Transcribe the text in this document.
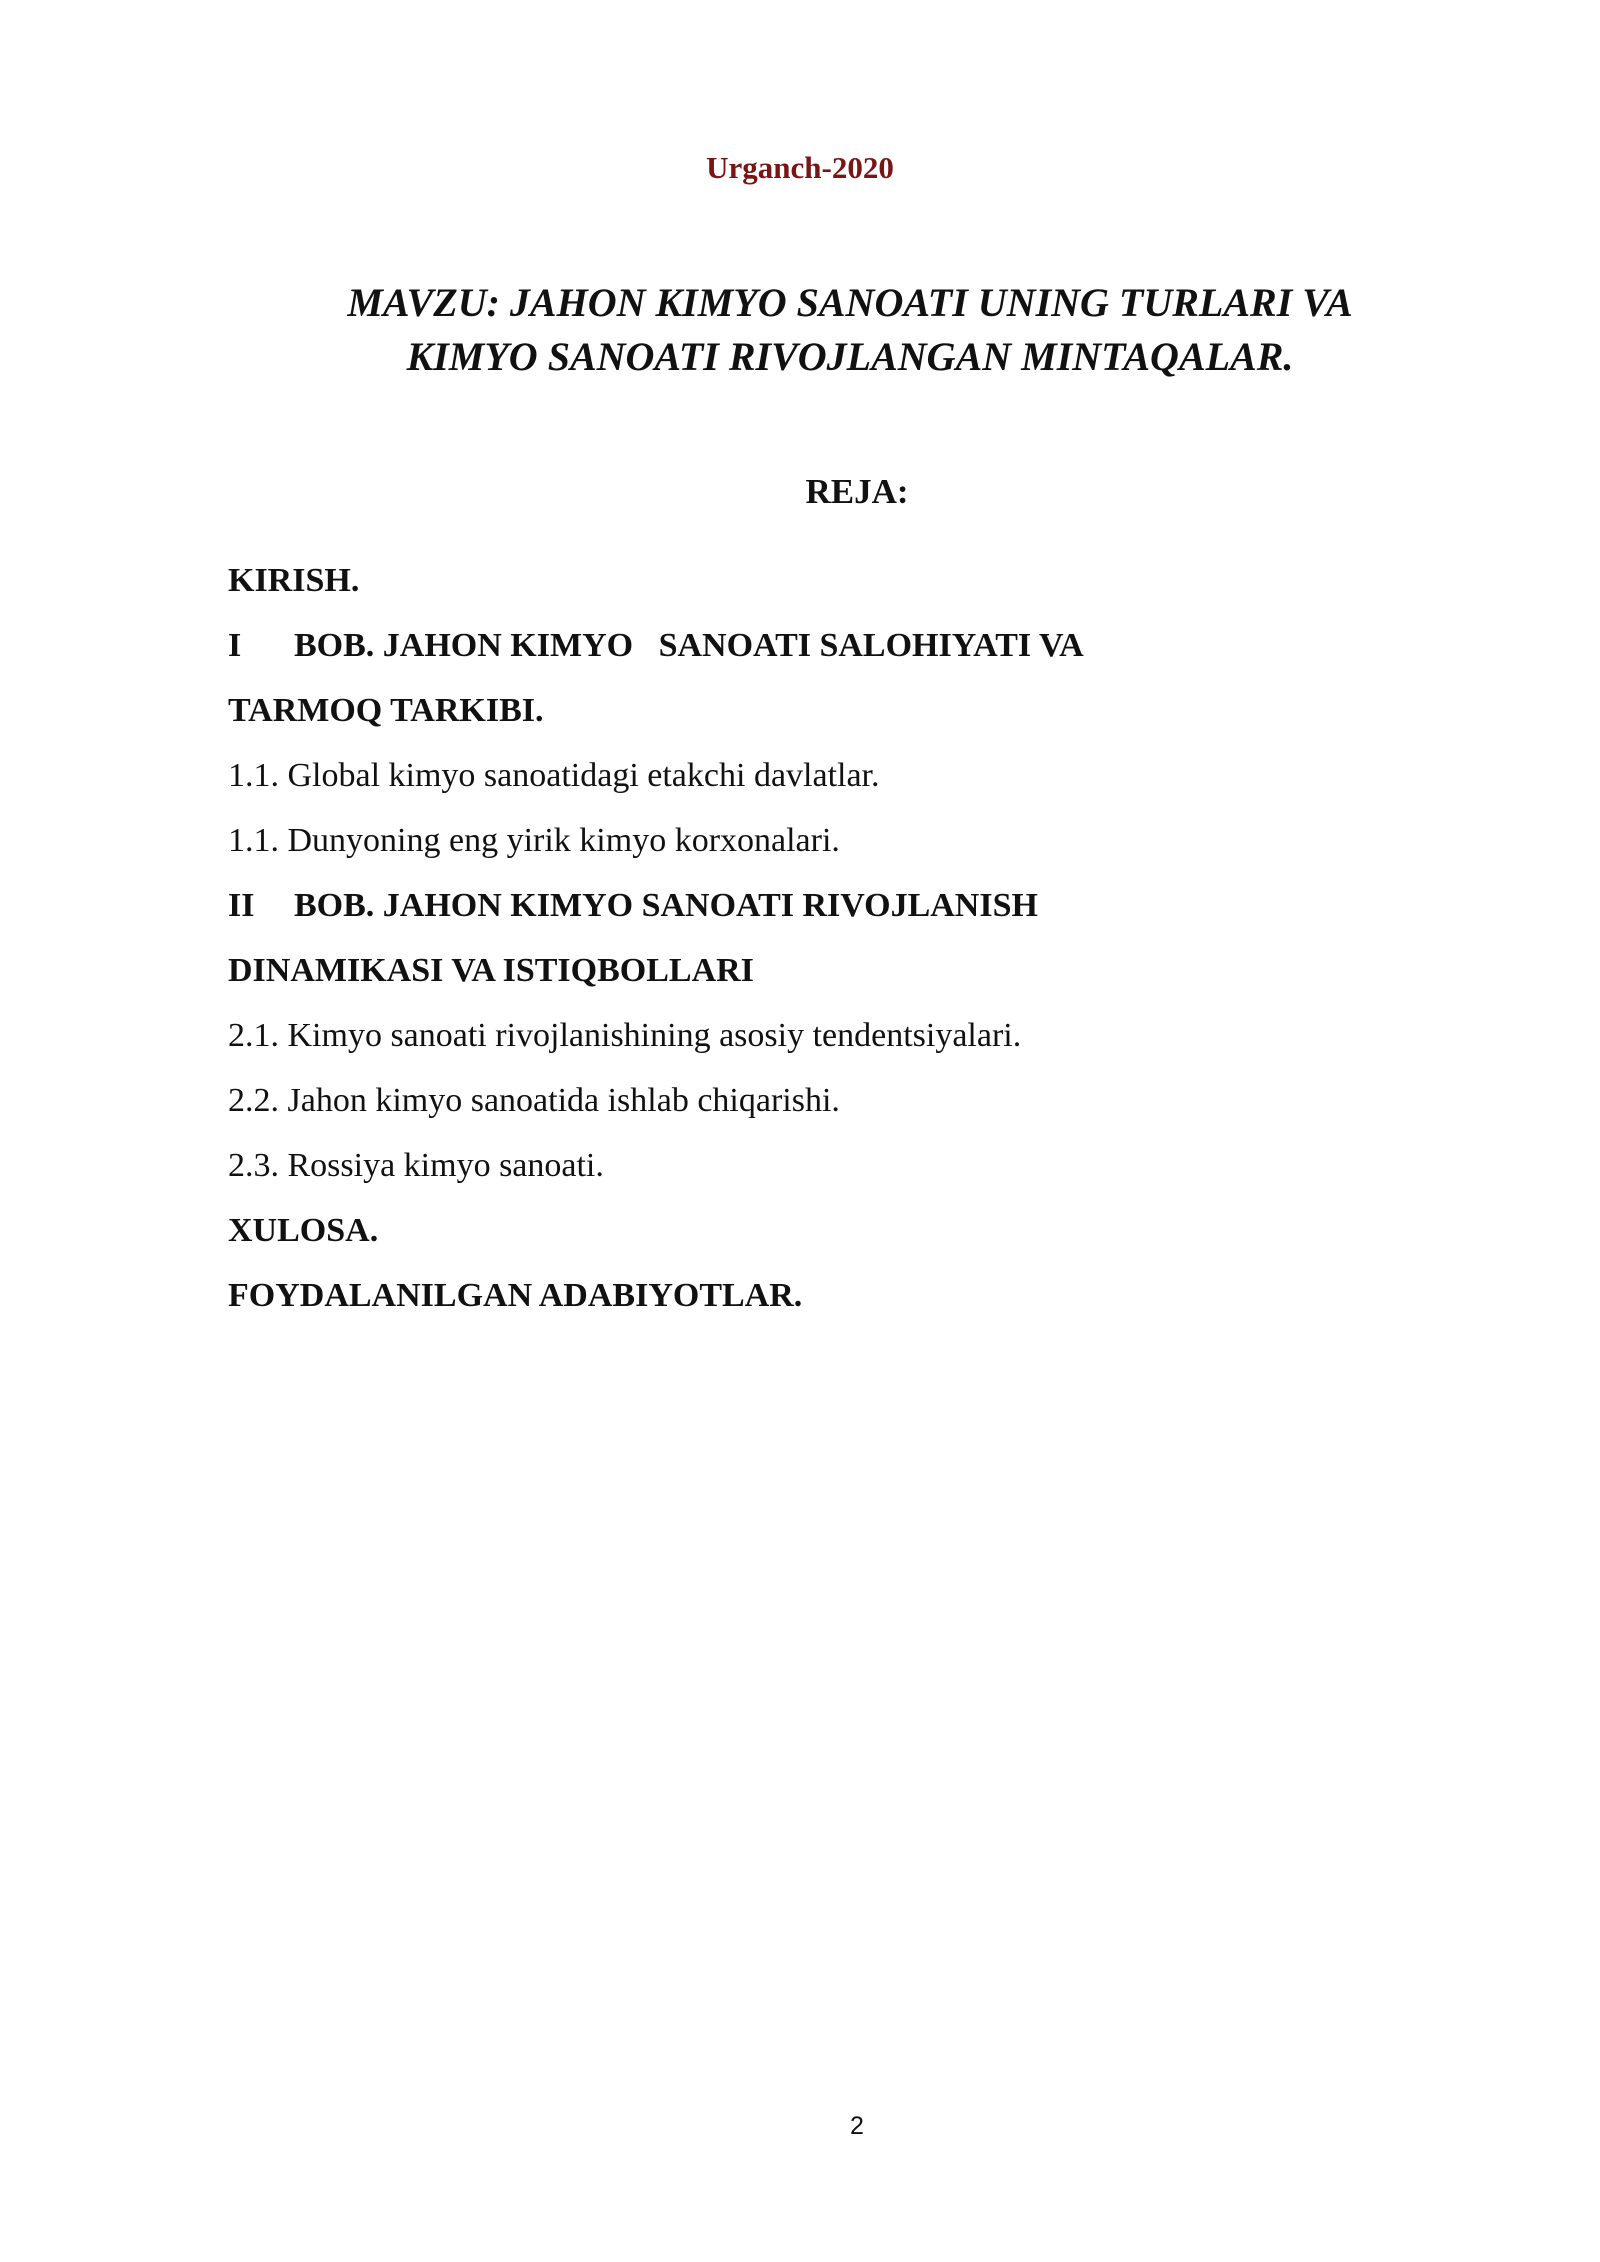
Urganch-2020
MAVZU: JAHON KIMYO SANOATI UNING TURLARI VA
KIMYO SANOATI RIVOJLANGAN MINTAQALAR.
REJA:
KIRISH.
I BOB. JAHON KIMYO   SANOATI SALOHIYATI VA
TARMOQ TARKIBI.
1.1. Global kimyo sanoatidagi etakchi davlatlar.
1.1. Dunyoning eng yirik kimyo korxonalari.
II BOB. JAHON KIMYO SANOATI RIVOJLANISH
DINAMIKASI VA ISTIQBOLLARI
2.1. Kimyo sanoati rivojlanishining asosiy tendentsiyalari.
2.2. Jahon kimyo sanoatida ishlab chiqarishi.
2.3. Rossiya kimyo sanoati.
XULOSA.
FOYDALANILGAN ADABIYOTLAR.
2
